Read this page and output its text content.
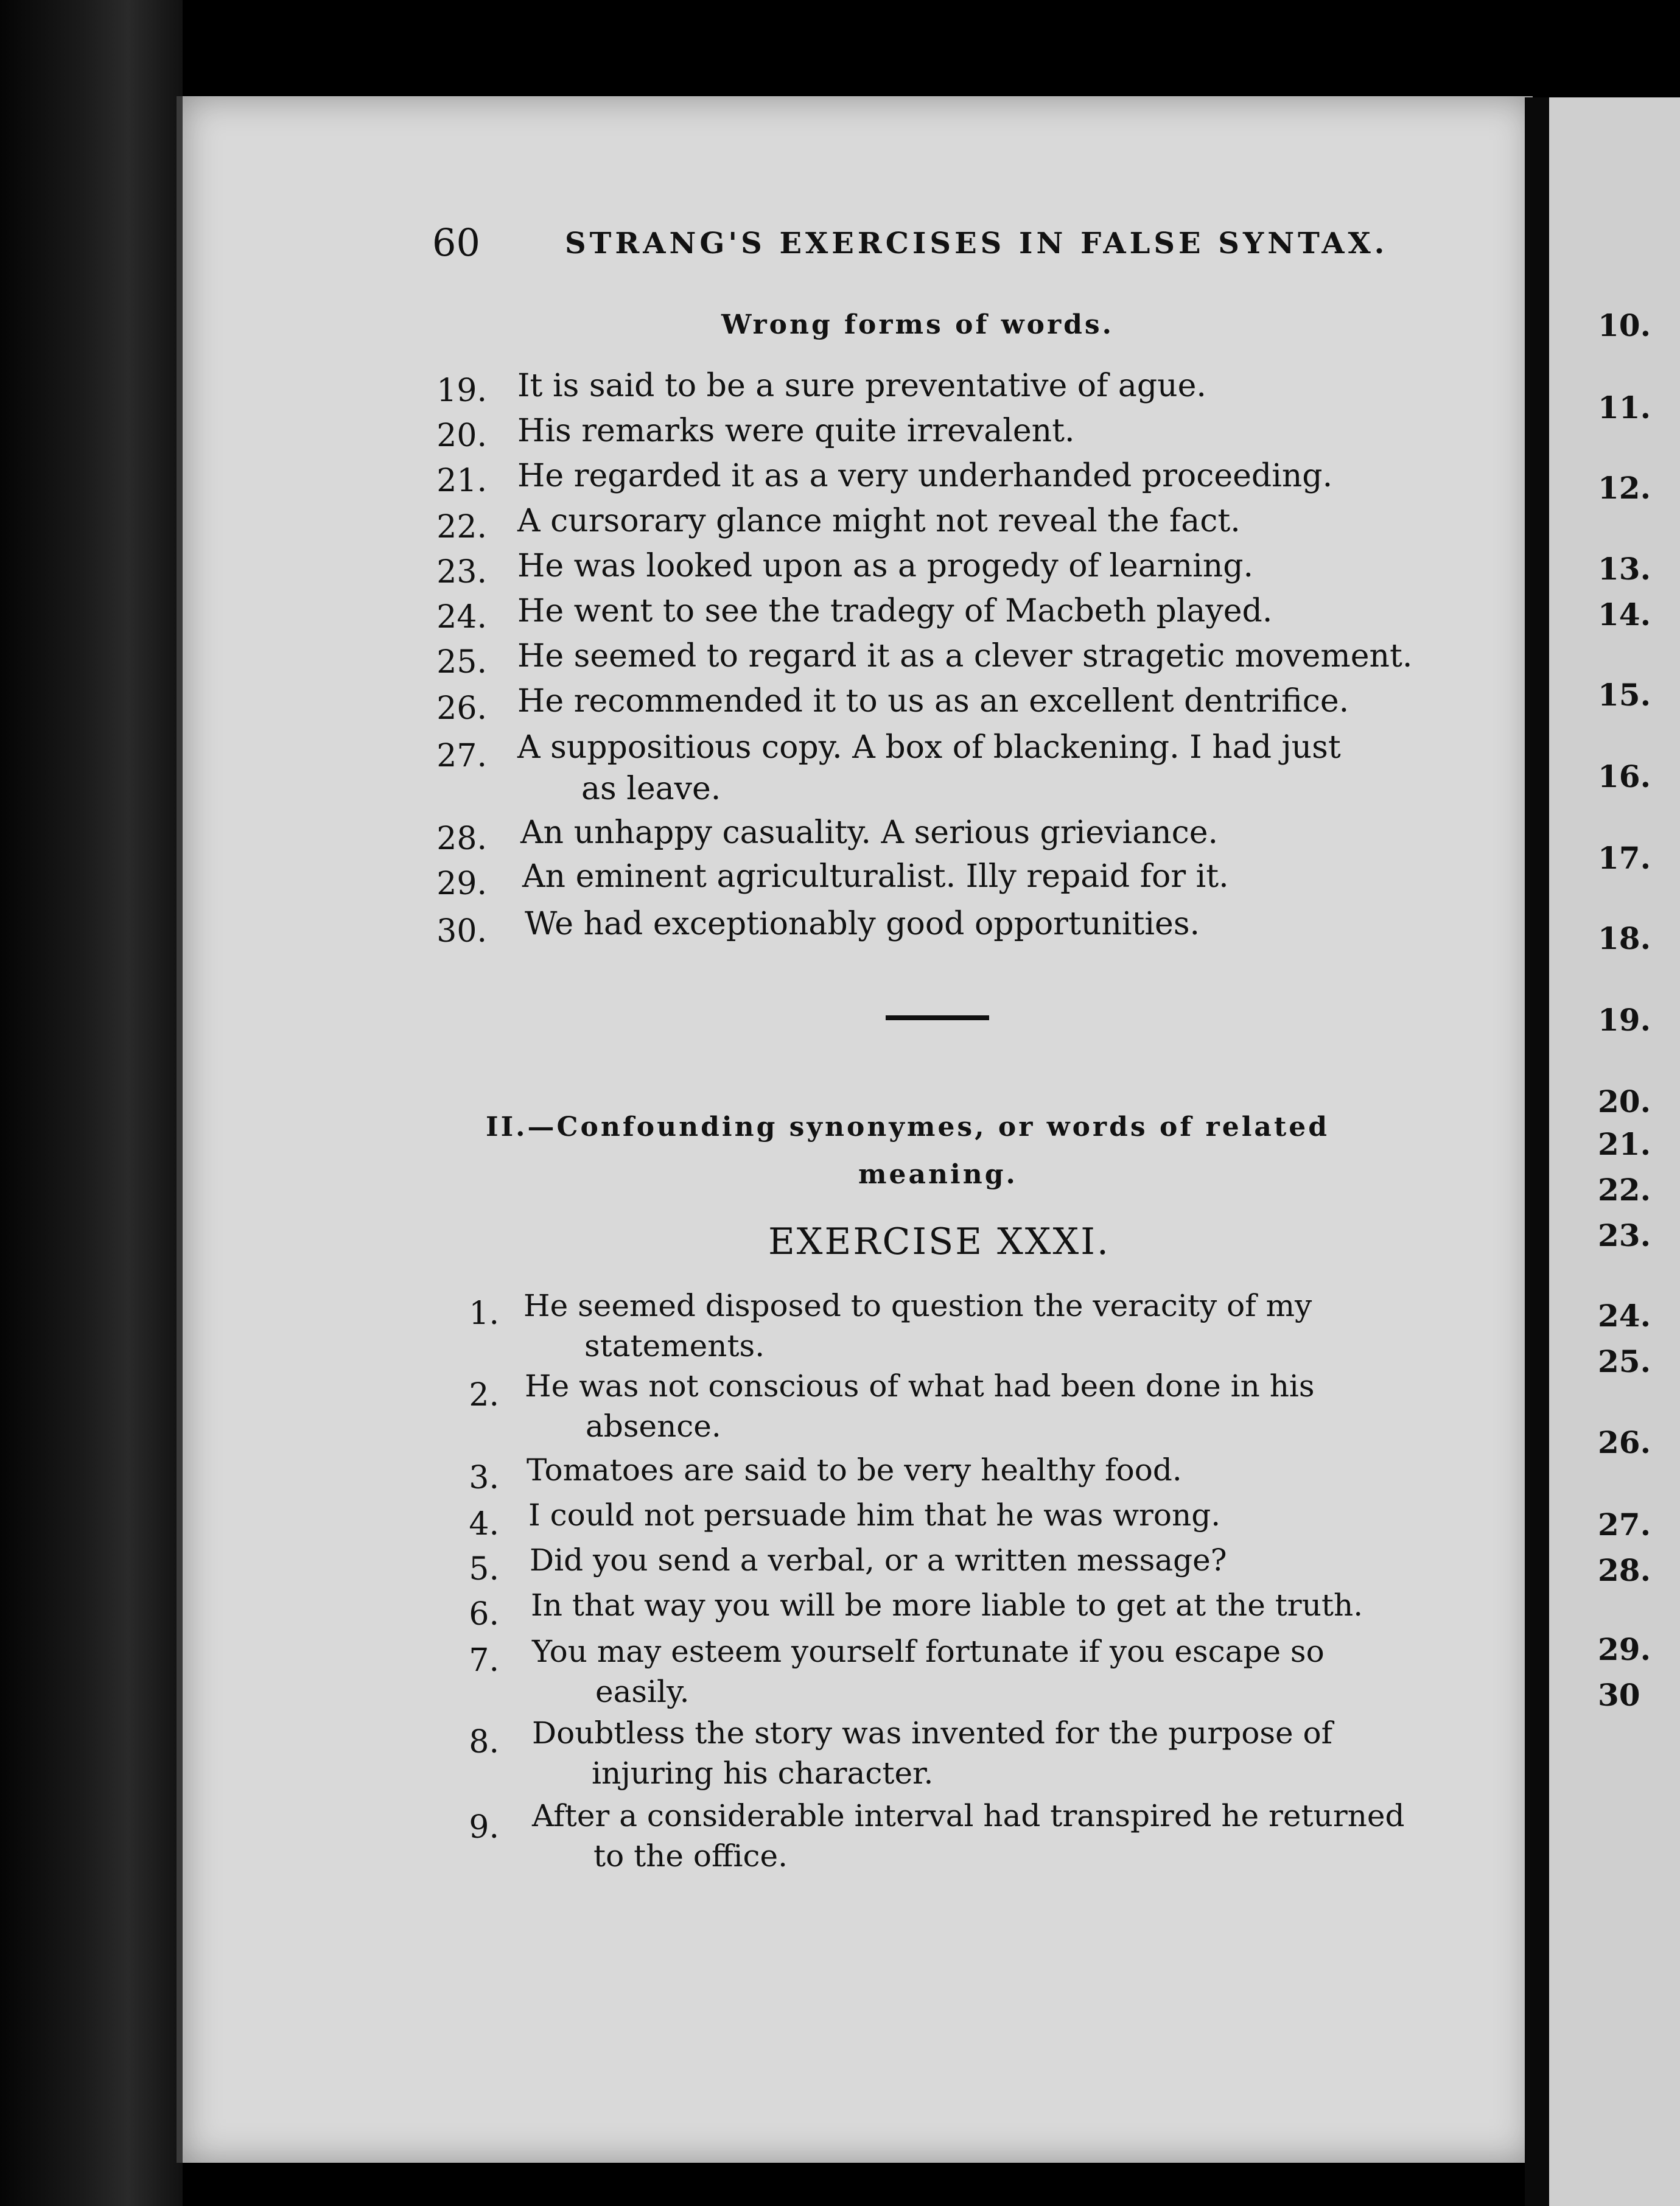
60	STRANG'S EXERCISES IN FALSE SYNTAX.
Wrong forms of words.
19. It is said to be a sure preventative of ague.
20. His remarks were quite irrevalent.
21. He regarded it as a very underhanded proceeding.
22. A cursorary glance might not reveal the fact.
23. He was looked upon as a progedy of learning.
24. He went to see the tradegy of Macbeth played.
25. He seemed to regard it as a clever stragetic movement.
26. He recommended it to us as an excellent dentrifice.
27. A suppositious copy. A box of blackening. I had just
as leave.
28. An unhappy casuality. A serious grieviance.
29. An eminent agriculturalist. Illy repaid for it.
30. We had exceptionably good opportunities.
II.—Confounding synonymes, or words of related
meaning.
EXERCISE XXXI.
1. He seemed disposed to question the veracity of my
statements.
2. He was not conscious of what had been done in his
absence.
3. Tomatoes are said to be very healthy food.
4. I could not persuade him that he was wrong.
5. Did you send a verbal, or a written message?
6. In that way you will be more liable to get at the truth.
7. You may esteem yourself fortunate if you escape so
easily.
8. Doubtless the story was invented for the purpose of
injuring his character.
9. After a considerable interval had transpired he returned
to the office.
10.
11.
12.
13.
14.
15.
16.
17.
18.
19.
20.
21.
22.
23.
24.
25.
26.
27.
28.
29.
30
